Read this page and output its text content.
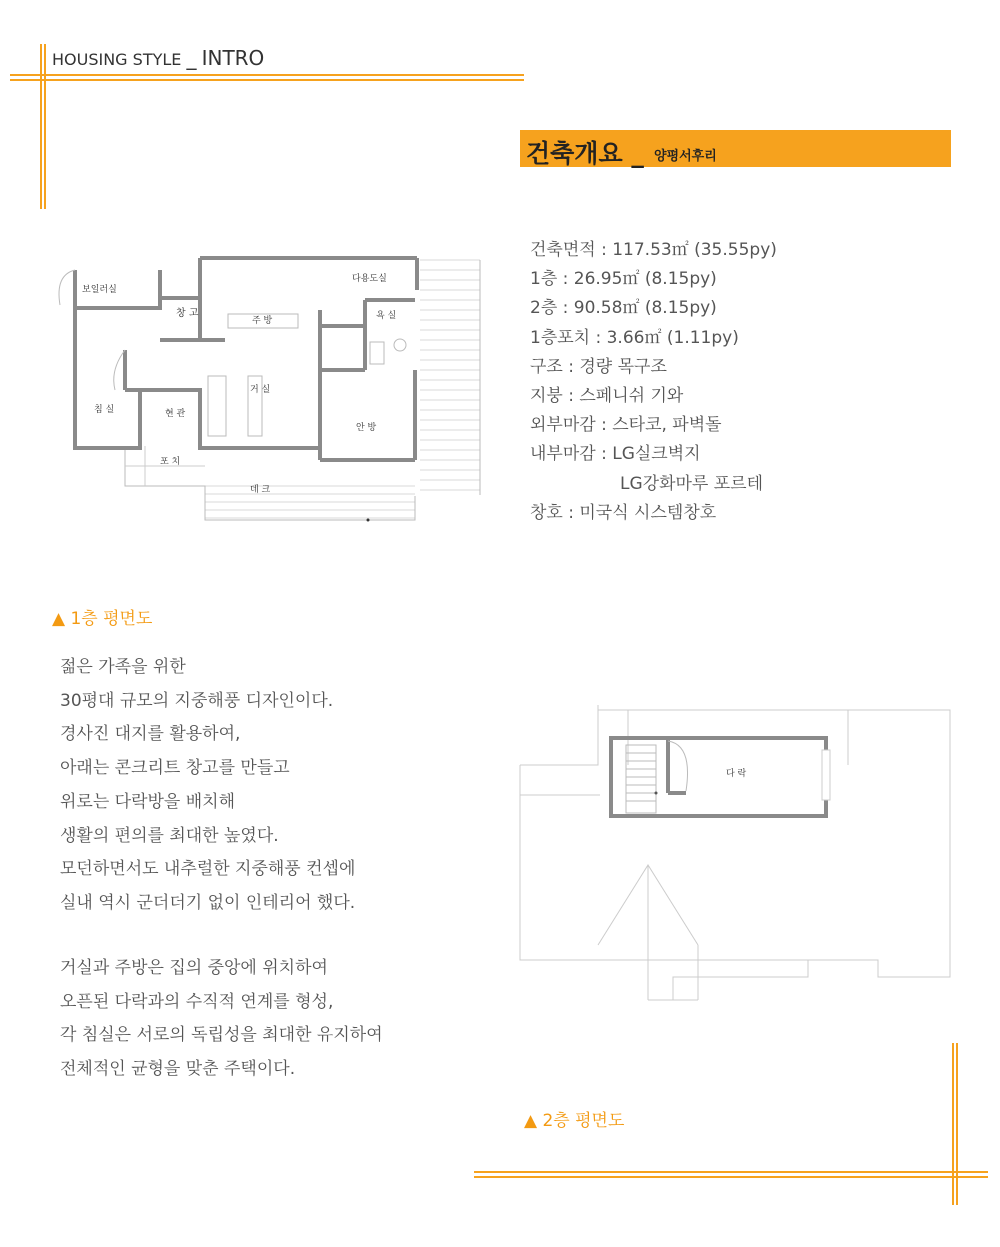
HOUSING STYLE _ INTRO
건축개요 _ 양평서후리
건축면적 : 117.53㎡ (35.55py)
1층 : 26.95㎡ (8.15py)
2층 : 90.58㎡ (8.15py)
1층포치 : 3.66㎡ (1.11py)
구조 : 경량 목구조
지붕 : 스페니쉬 기와
외부마감 : 스타코, 파벽돌
내부마감 : LG실크벽지
LG강화마루 포르테
창호 : 미국식 시스템창호
보일러실
창 고
주 방
다용도실
욕 실
거 실
침 실	현 관
안 방
포 치
데 크
▲ 1층 평면도
젊은 가족을 위한
30평대 규모의 지중해풍 디자인이다.
경사진 대지를 활용하여,
아래는 콘크리트 창고를 만들고
위로는 다락방을 배치해
생활의 편의를 최대한 높였다.
모던하면서도 내추럴한 지중해풍 컨셉에
실내 역시 군더더기 없이 인테리어 했다.
거실과 주방은 집의 중앙에 위치하여
오픈된 다락과의 수직적 연계를 형성,
각 침실은 서로의 독립성을 최대한 유지하여
전체적인 균형을 맞춘 주택이다.
다 락
▲ 2층 평면도
